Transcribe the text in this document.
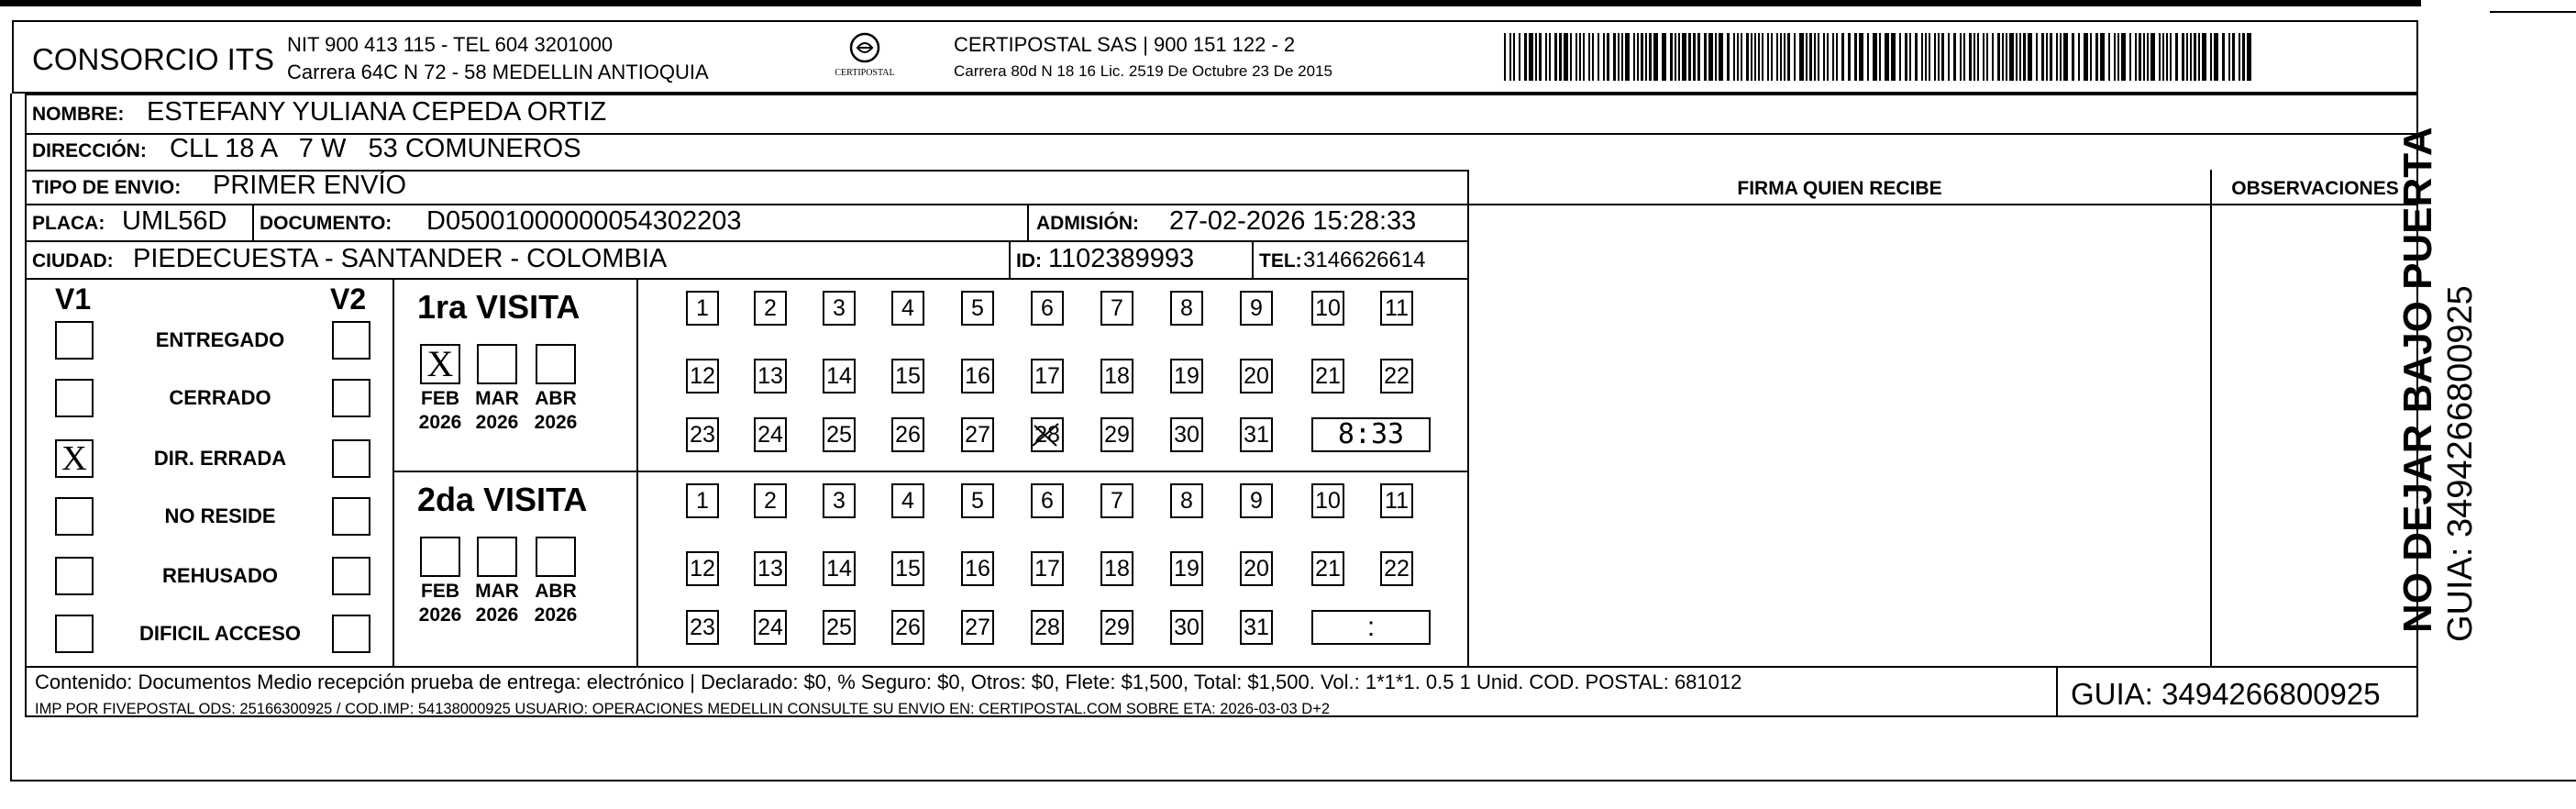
CONSORCIO ITS NIT 900 413 115 - TEL 604 3201000
Carrera 64C N 72 - 58 MEDELLIN ANTIOQUIA	CERTIPOSTAL
CERTIPOSTAL SAS | 900 151 122 - 2
Carrera 80d N 18 16 Lic. 2519 De Octubre 23 De 2015
NOMBRE: ESTEFANY YULIANA CEPEDA ORTIZ
DIRECCIÓN: CLL 18 A   7 W   53 COMUNEROS
TIPO DE ENVIO: PRIMER ENVÍO
PLACA: UML56D DOCUMENTO: D05001000000054302203	ADMISIÓN: 27-02-2026 15:28:33
CIUDAD: PIEDECUESTA - SANTANDER - COLOMBIA	ID: 1102389993	TEL: 3146626614
FIRMA QUIEN RECIBE	OBSERVACIONES
V1	V2
ENTREGADO
CERRADO
X	DIR. ERRADA
NO RESIDE
REHUSADO
DIFICIL ACCESO
1ra VISITA
2da VISITA
X
FEB
2026
MAR
2026
ABR
2026
1	2	3	4	5	6	7	8	9	10 11
12 13 14 15 16 17 18 19 20 21 22
23 24 25 26 27 28 29 30 31	8:33
FEB
2026
MAR
2026
ABR
2026
1	2	3	4	5	6	7	8	9	10 11
12 13 14 15 16 17 18 19 20 21 22
23 24 25 26 27 28 29 30 31	:
Contenido: Documentos Medio recepción prueba de entrega: electrónico | Declarado: $0, % Seguro: $0, Otros: $0, Flete: $1,500, Total: $1,500. Vol.: 1*1*1. 0.5 1 Unid. COD. POSTAL: 681012
IMP POR FIVEPOSTAL ODS: 25166300925 / COD.IMP: 54138000925 USUARIO: OPERACIONES MEDELLIN CONSULTE SU ENVIO EN: CERTIPOSTAL.COM SOBRE ETA: 2026-03-03 D+2	GUIA: 3494266800925
NO DEJAR BAJO PUERTA GUIA: 3494266800925
